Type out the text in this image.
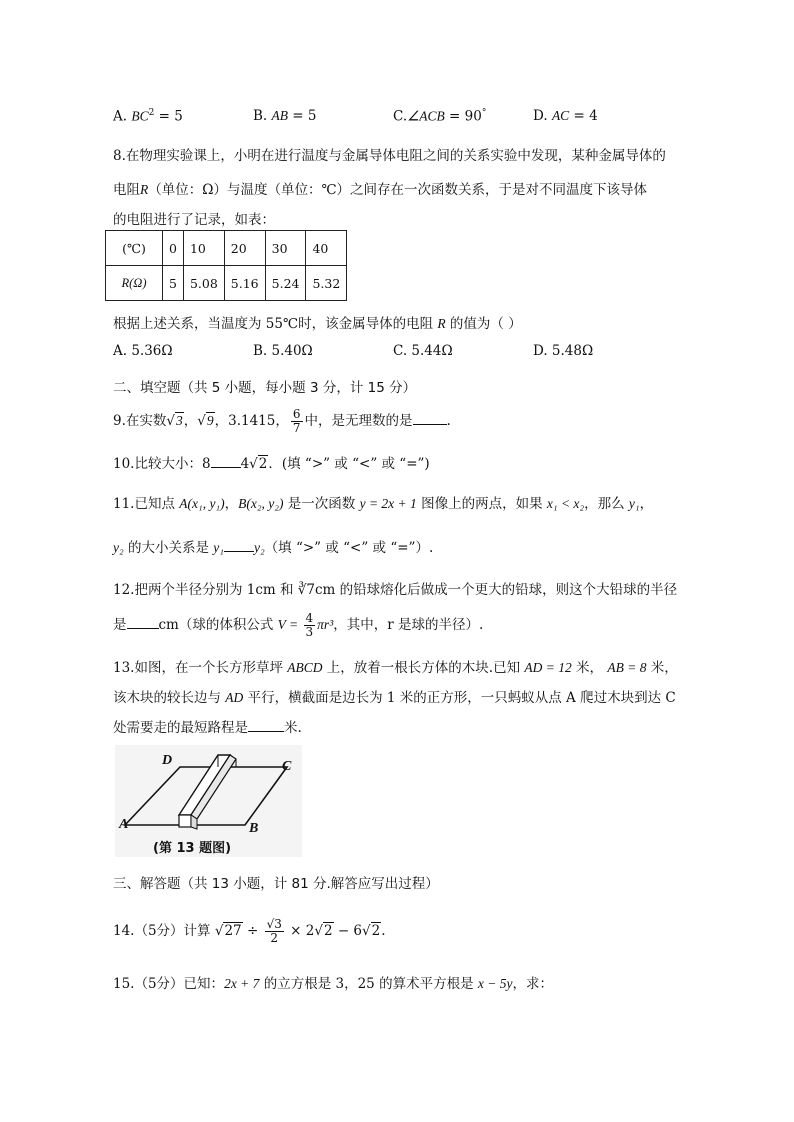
A. $BC^2 = 5$	B. AB = 5	C.∠ACB = 90°	D. AC = 4
8.在物理实验课上，小明在进行温度与金属导体电阻之间的关系实验中发现，某种金属导体的
电阻R（单位：Ω）与温度（单位：℃）之间存在一次函数关系，于是对不同温度下该导体
的电阻进行了记录，如表：
(℃)	0	10	20	30	40
R(Ω)	5	5.08	5.16	5.24	5.32
根据上述关系，当温度为 55℃时，该金属导体的电阻 R 的值为（ ）
A. 5.36Ω	B. 5.40Ω	C. 5.44Ω	D. 5.48Ω
二、填空题（共 5 小题，每小题 3 分，计 15 分）
9.在实数√3，√9，3.1415， $\frac{6}{7}$ 中，是无理数的是	.
10.比较大小：8 4√2．(填 “>” 或 “<” 或 “=”)
11.已知点 A(x₁, y₁)，B(x₂, y₂) 是一次函数 y = 2x + 1 图像上的两点，如果 x₁ < x₂，那么 y₁，
y₂ 的大小关系是 y₁ y₂（填 “>” 或 “<” 或 “=”）.
12.把两个半径分别为 1cm 和 ∛7cm 的铅球熔化后做成一个更大的铅球，则这个大铅球的半径
是 cm（球的体积公式 $V = \frac{4}{3} \pi r^3$，其中，r 是球的半径）.
13.如图，在一个长方形草坪 ABCD 上，放着一根长方体的木块.已知 AD = 12 米， AB = 8 米，
该木块的较长边与 AD 平行，横截面是边长为 1 米的正方形，一只蚂蚁从点 A 爬过木块到达 C
处需要走的最短路程是	米.
A	B
C
D
(第 13 题图)
三、解答题（共 13 小题，计 81 分.解答应写出过程）
14.（5分）计算 $√27 \div \frac{√3}{2} \times 2√2 - 6√2$.
15.（5分）已知：2x + 7 的立方根是 3，25 的算术平方根是 x − 5y，求：
